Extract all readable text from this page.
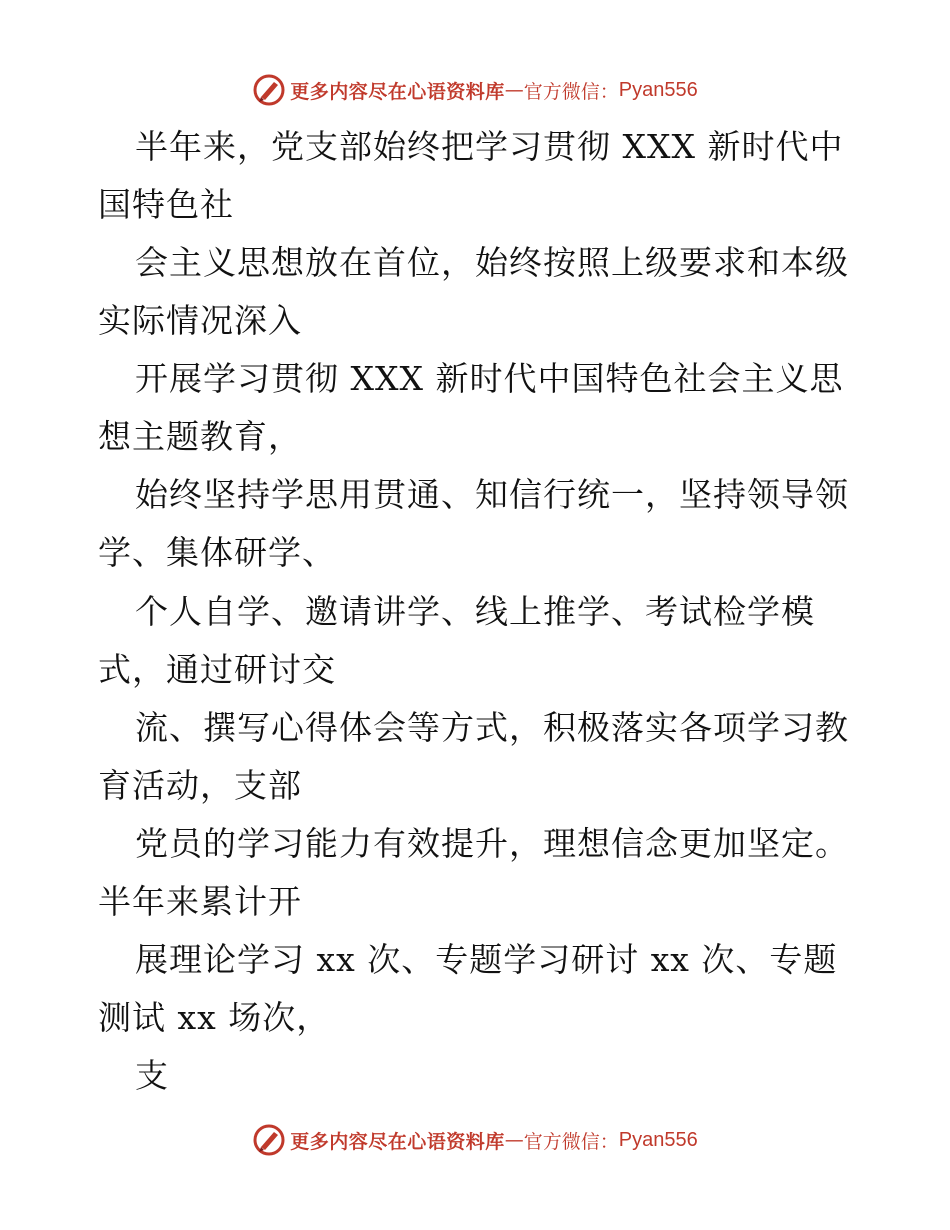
更多内容尽在心语资料库 — 官方微信： Pyan556
半年来，党支部始终把学习贯彻 XXX 新时代中
国特色社
会主义思想放在首位，始终按照上级要求和本级
实际情况深入
开展学习贯彻 XXX 新时代中国特色社会主义思
想主题教育，
始终坚持学思用贯通、知信行统一，坚持领导领
学、集体研学、
个人自学、邀请讲学、线上推学、考试检学模
式，通过研讨交
流、撰写心得体会等方式，积极落实各项学习教
育活动，支部
党员的学习能力有效提升，理想信念更加坚定。
半年来累计开
展理论学习 xx 次、专题学习研讨 xx 次、专题
测试 xx 场次，
支
更多内容尽在心语资料库 — 官方微信： Pyan556
